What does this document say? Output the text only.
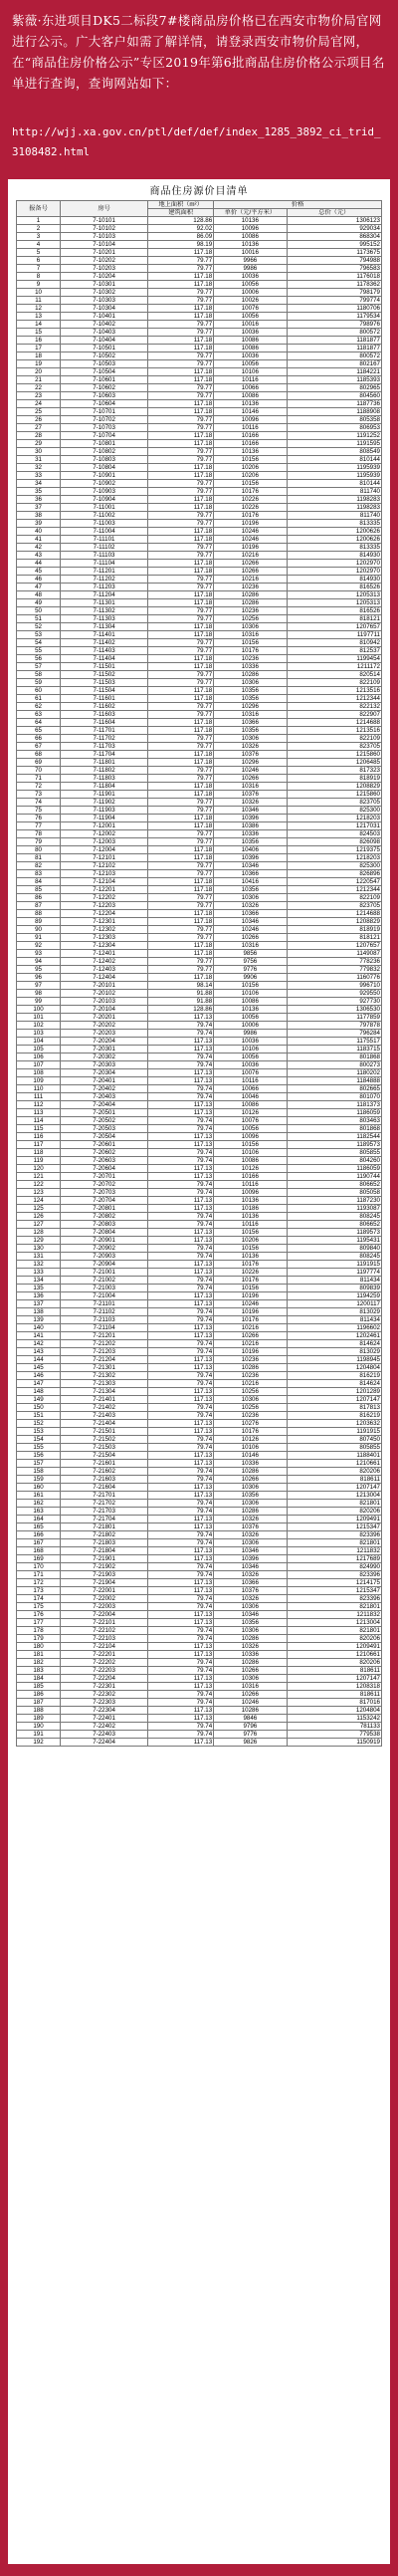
紫薇·东进项目DK5二标段7#楼商品房价格已在西安市物价局官网进行公示。广大客户如需了解详情，请登录西安市物价局官网，在“商品住房价格公示”专区2019年第6批商品住房价格公示项目名单进行查询，查询网站如下：
http://wjj.xa.gov.cn/ptl/def/def/index_1285_3892_ci_trid_3108482.html
商品住房源价目清单
报备号	房号	地上面积（m²）	价格	
		建筑面积	单价（元/平方米）	总价（元）
1	7-10101	128.86	10136	1306123
2	7-10102	92.02	10096	929034
3	7-10103	86.09	10086	868304
4	7-10104	98.19	10136	995152
5	7-10201	117.18	10016	1173675
6	7-10202	79.77	9966	794988
7	7-10203	79.77	9986	796583
8	7-10204	117.18	10036	1176018
9	7-10301	117.18	10056	1178362
10	7-10302	79.77	10006	798179
11	7-10303	79.77	10026	799774
12	7-10304	117.18	10076	1180706
13	7-10401	117.18	10056	1179534
14	7-10402	79.77	10016	798976
15	7-10403	79.77	10036	800572
16	7-10404	117.18	10086	1181877
17	7-10501	117.18	10086	1181877
18	7-10502	79.77	10036	800572
19	7-10503	79.77	10056	802167
20	7-10504	117.18	10106	1184221
21	7-10601	117.18	10116	1185393
22	7-10602	79.77	10066	802965
23	7-10603	79.77	10086	804560
24	7-10604	117.18	10136	1187736
25	7-10701	117.18	10146	1188908
26	7-10702	79.77	10096	805358
27	7-10703	79.77	10116	806953
28	7-10704	117.18	10166	1191252
29	7-10801	117.18	10166	1191595
30	7-10802	79.77	10136	808549
31	7-10803	79.77	10156	810144
32	7-10804	117.18	10206	1195939
33	7-10901	117.18	10206	1195939
34	7-10902	79.77	10156	810144
35	7-10903	79.77	10176	811740
36	7-10904	117.18	10226	1198283
37	7-11001	117.18	10226	1198283
38	7-11002	79.77	10176	811740
39	7-11003	79.77	10196	813335
40	7-11004	117.18	10246	1200626
41	7-11101	117.18	10246	1200626
42	7-11102	79.77	10196	813335
43	7-11103	79.77	10216	814930
44	7-11104	117.18	10266	1202970
45	7-11201	117.18	10266	1202970
46	7-11202	79.77	10216	814930
47	7-11203	79.77	10236	816526
48	7-11204	117.18	10286	1205313
49	7-11301	117.18	10286	1205313
50	7-11302	79.77	10236	816526
51	7-11303	79.77	10256	818121
52	7-11304	117.18	10306	1207657
53	7-11401	117.18	10316	1197711
54	7-11402	79.77	10156	810942
55	7-11403	79.77	10176	812537
56	7-11404	117.18	10236	1199454
57	7-11501	117.18	10336	1211172
58	7-11502	79.77	10286	820514
59	7-11503	79.77	10306	822109
60	7-11504	117.18	10356	1213516
61	7-11601	117.18	10356	1212344
62	7-11602	79.77	10296	822132
63	7-11603	79.77	10316	822907
64	7-11604	117.18	10366	1214688
65	7-11701	117.18	10356	1213516
66	7-11702	79.77	10306	822109
67	7-11703	79.77	10326	823705
68	7-11704	117.18	10376	1215860
69	7-11801	117.18	10296	1206485
70	7-11802	79.77	10246	817323
71	7-11803	79.77	10266	818919
72	7-11804	117.18	10316	1208829
73	7-11901	117.18	10376	1215860
74	7-11902	79.77	10326	823705
75	7-11903	79.77	10346	825300
76	7-11904	117.18	10396	1218203
77	7-12001	117.18	10386	1217031
78	7-12002	79.77	10336	824503
79	7-12003	79.77	10356	826098
80	7-12004	117.18	10406	1219375
81	7-12101	117.18	10396	1218203
82	7-12102	79.77	10346	825300
83	7-12103	79.77	10366	826896
84	7-12104	117.18	10416	1220547
85	7-12201	117.18	10356	1212344
86	7-12202	79.77	10306	822109
87	7-12203	79.77	10326	823705
88	7-12204	117.18	10366	1214688
89	7-12301	117.18	10346	1208829
90	7-12302	79.77	10246	818919
91	7-12303	79.77	10266	818121
92	7-12304	117.18	10316	1207657
93	7-12401	117.18	9856	1149087
94	7-12402	79.77	9756	778236
95	7-12403	79.77	9776	779832
96	7-12404	117.18	9906	1160776
97	7-20101	98.14	10156	996710
98	7-20102	91.88	10106	929550
99	7-20103	91.88	10086	927730
100	7-20104	128.86	10136	1306530
101	7-20201	117.13	10056	1177859
102	7-20202	79.74	10006	797878
103	7-20203	79.74	9986	796284
104	7-20204	117.13	10036	1175517
105	7-20301	117.13	10106	1183715
106	7-20302	79.74	10056	801868
107	7-20303	79.74	10036	800273
108	7-20304	117.13	10076	1180202
109	7-20401	117.13	10116	1184888
110	7-20402	79.74	10066	802665
111	7-20403	79.74	10046	801070
112	7-20404	117.13	10086	1181373
113	7-20501	117.13	10126	1186059
114	7-20502	79.74	10076	803463
115	7-20503	79.74	10056	801868
116	7-20504	117.13	10096	1182544
117	7-20601	117.13	10156	1189573
118	7-20602	79.74	10106	805855
119	7-20603	79.74	10086	804260
120	7-20604	117.13	10126	1186059
121	7-20701	117.13	10166	1190744
122	7-20702	79.74	10116	806652
123	7-20703	79.74	10096	805058
124	7-20704	117.13	10136	1187230
125	7-20801	117.13	10186	1193087
126	7-20802	79.74	10136	808245
127	7-20803	79.74	10116	806652
128	7-20804	117.13	10156	1189573
129	7-20901	117.13	10206	1195431
130	7-20902	79.74	10156	809840
131	7-20903	79.74	10136	808245
132	7-20904	117.13	10176	1191915
133	7-21001	117.13	10226	1197774
134	7-21002	79.74	10176	811434
135	7-21003	79.74	10156	809839
136	7-21004	117.13	10196	1194259
137	7-21101	117.13	10246	1200117
138	7-21102	79.74	10196	813029
139	7-21103	79.74	10176	811434
140	7-21104	117.13	10216	1196602
141	7-21201	117.13	10266	1202461
142	7-21202	79.74	10216	814624
143	7-21203	79.74	10196	813029
144	7-21204	117.13	10236	1198945
145	7-21301	117.13	10286	1204804
146	7-21302	79.74	10236	816219
147	7-21303	79.74	10216	814624
148	7-21304	117.13	10256	1201289
149	7-21401	117.13	10306	1207147
150	7-21402	79.74	10256	817813
151	7-21403	79.74	10236	816219
152	7-21404	117.13	10276	1203632
153	7-21501	117.13	10176	1191915
154	7-21502	79.74	10126	807450
155	7-21503	79.74	10106	805855
156	7-21504	117.13	10146	1188401
157	7-21601	117.13	10336	1210661
158	7-21602	79.74	10286	820206
159	7-21603	79.74	10266	818611
160	7-21604	117.13	10306	1207147
161	7-21701	117.13	10356	1213004
162	7-21702	79.74	10306	821801
163	7-21703	79.74	10286	820206
164	7-21704	117.13	10326	1209491
165	7-21801	117.13	10376	1215347
166	7-21802	79.74	10326	823396
167	7-21803	79.74	10306	821801
168	7-21804	117.13	10346	1211832
169	7-21901	117.13	10396	1217689
170	7-21902	79.74	10346	824990
171	7-21903	79.74	10326	823396
172	7-21904	117.13	10366	1214175
173	7-22001	117.13	10376	1215347
174	7-22002	79.74	10326	823396
175	7-22003	79.74	10306	821801
176	7-22004	117.13	10346	1211832
177	7-22101	117.13	10356	1213004
178	7-22102	79.74	10306	821801
179	7-22103	79.74	10286	820206
180	7-22104	117.13	10326	1209491
181	7-22201	117.13	10336	1210661
182	7-22202	79.74	10286	820206
183	7-22203	79.74	10266	818611
184	7-22204	117.13	10306	1207147
185	7-22301	117.13	10316	1208318
186	7-22302	79.74	10266	818611
187	7-22303	79.74	10246	817016
188	7-22304	117.13	10286	1204804
189	7-22401	117.13	9846	1153242
190	7-22402	79.74	9796	781133
191	7-22403	79.74	9776	779538
192	7-22404	117.13	9826	1150919
